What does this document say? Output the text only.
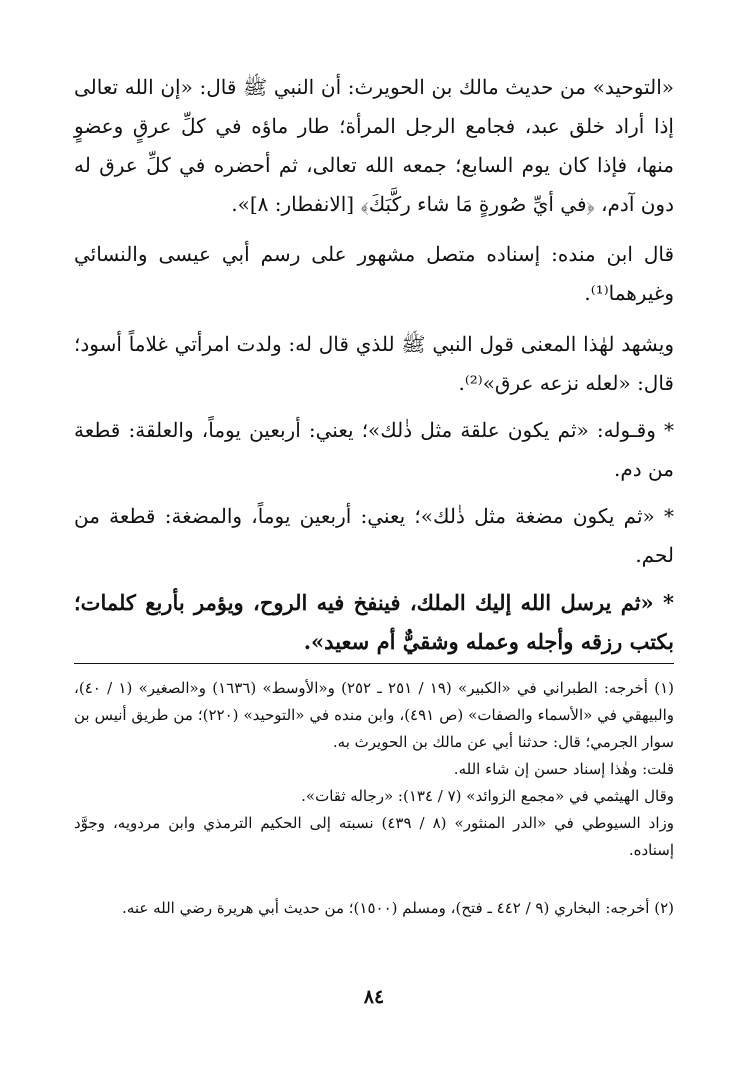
«التوحيد» من حديث مالك بن الحويرث: أن النبي ﷺ قال: «إن الله تعالى إذا أراد خلق عبد، فجامع الرجل المرأة؛ طار ماؤه في كلِّ عرقٍ وعضوٍ منها، فإذا كان يوم السابع؛ جمعه الله تعالى، ثم أحضره في كلِّ عرق له دون آدم، ﴿في أيِّ صُورةٍ مَا شاء ركَّبَكَ﴾ [الانفطار: ٨]».

قال ابن منده: إسناده متصل مشهور على رسم أبي عيسى والنسائي وغيرهما⁽¹⁾.

ويشهد لهٰذا المعنى قول النبي ﷺ للذي قال له: ولدت امرأتي غلاماً أسود؛ قال: «لعله نزعه عرق»⁽²⁾.

* وقـوله: «ثم يكون علقة مثل ذٰلك»؛ يعني: أربعين يوماً، والعلقة: قطعة من دم.

* «ثم يكون مضغة مثل ذٰلك»؛ يعني: أربعين يوماً، والمضغة: قطعة من لحم.

* «ثم يرسل الله إليك الملك، فينفخ فيه الروح، ويؤمر بأربع كلمات؛ بكتب رزقه وأجله وعمله وشقيٌّ أم سعيد».

(١) أخرجه: الطبراني في «الكبير» (١٩ / ٢٥١ ـ ٢٥٢) و«الأوسط» (١٦٣٦) و«الصغير» (١ / ٤٠)، والبيهقي في «الأسماء والصفات» (ص ٤٩١)، وابن منده في «التوحيد» (٢٢٠)؛ من طريق أنيس بن سوار الجرمي؛ قال: حدثنا أبي عن مالك بن الحويرث به.

قلت: وهٰذا إسناد حسن إن شاء الله.

وقال الهيثمي في «مجمع الزوائد» (٧ / ١٣٤): «رجاله ثقات».

وزاد السيوطي في «الدر المنثور» (٨ / ٤٣٩) نسبته إلى الحكيم الترمذي وابن مردويه، وجوَّد إسناده.

(٢) أخرجه: البخاري (٩ / ٤٤٢ ـ فتح)، ومسلم (١٥٠٠)؛ من حديث أبي هريرة رضي الله عنه.

٨٤
